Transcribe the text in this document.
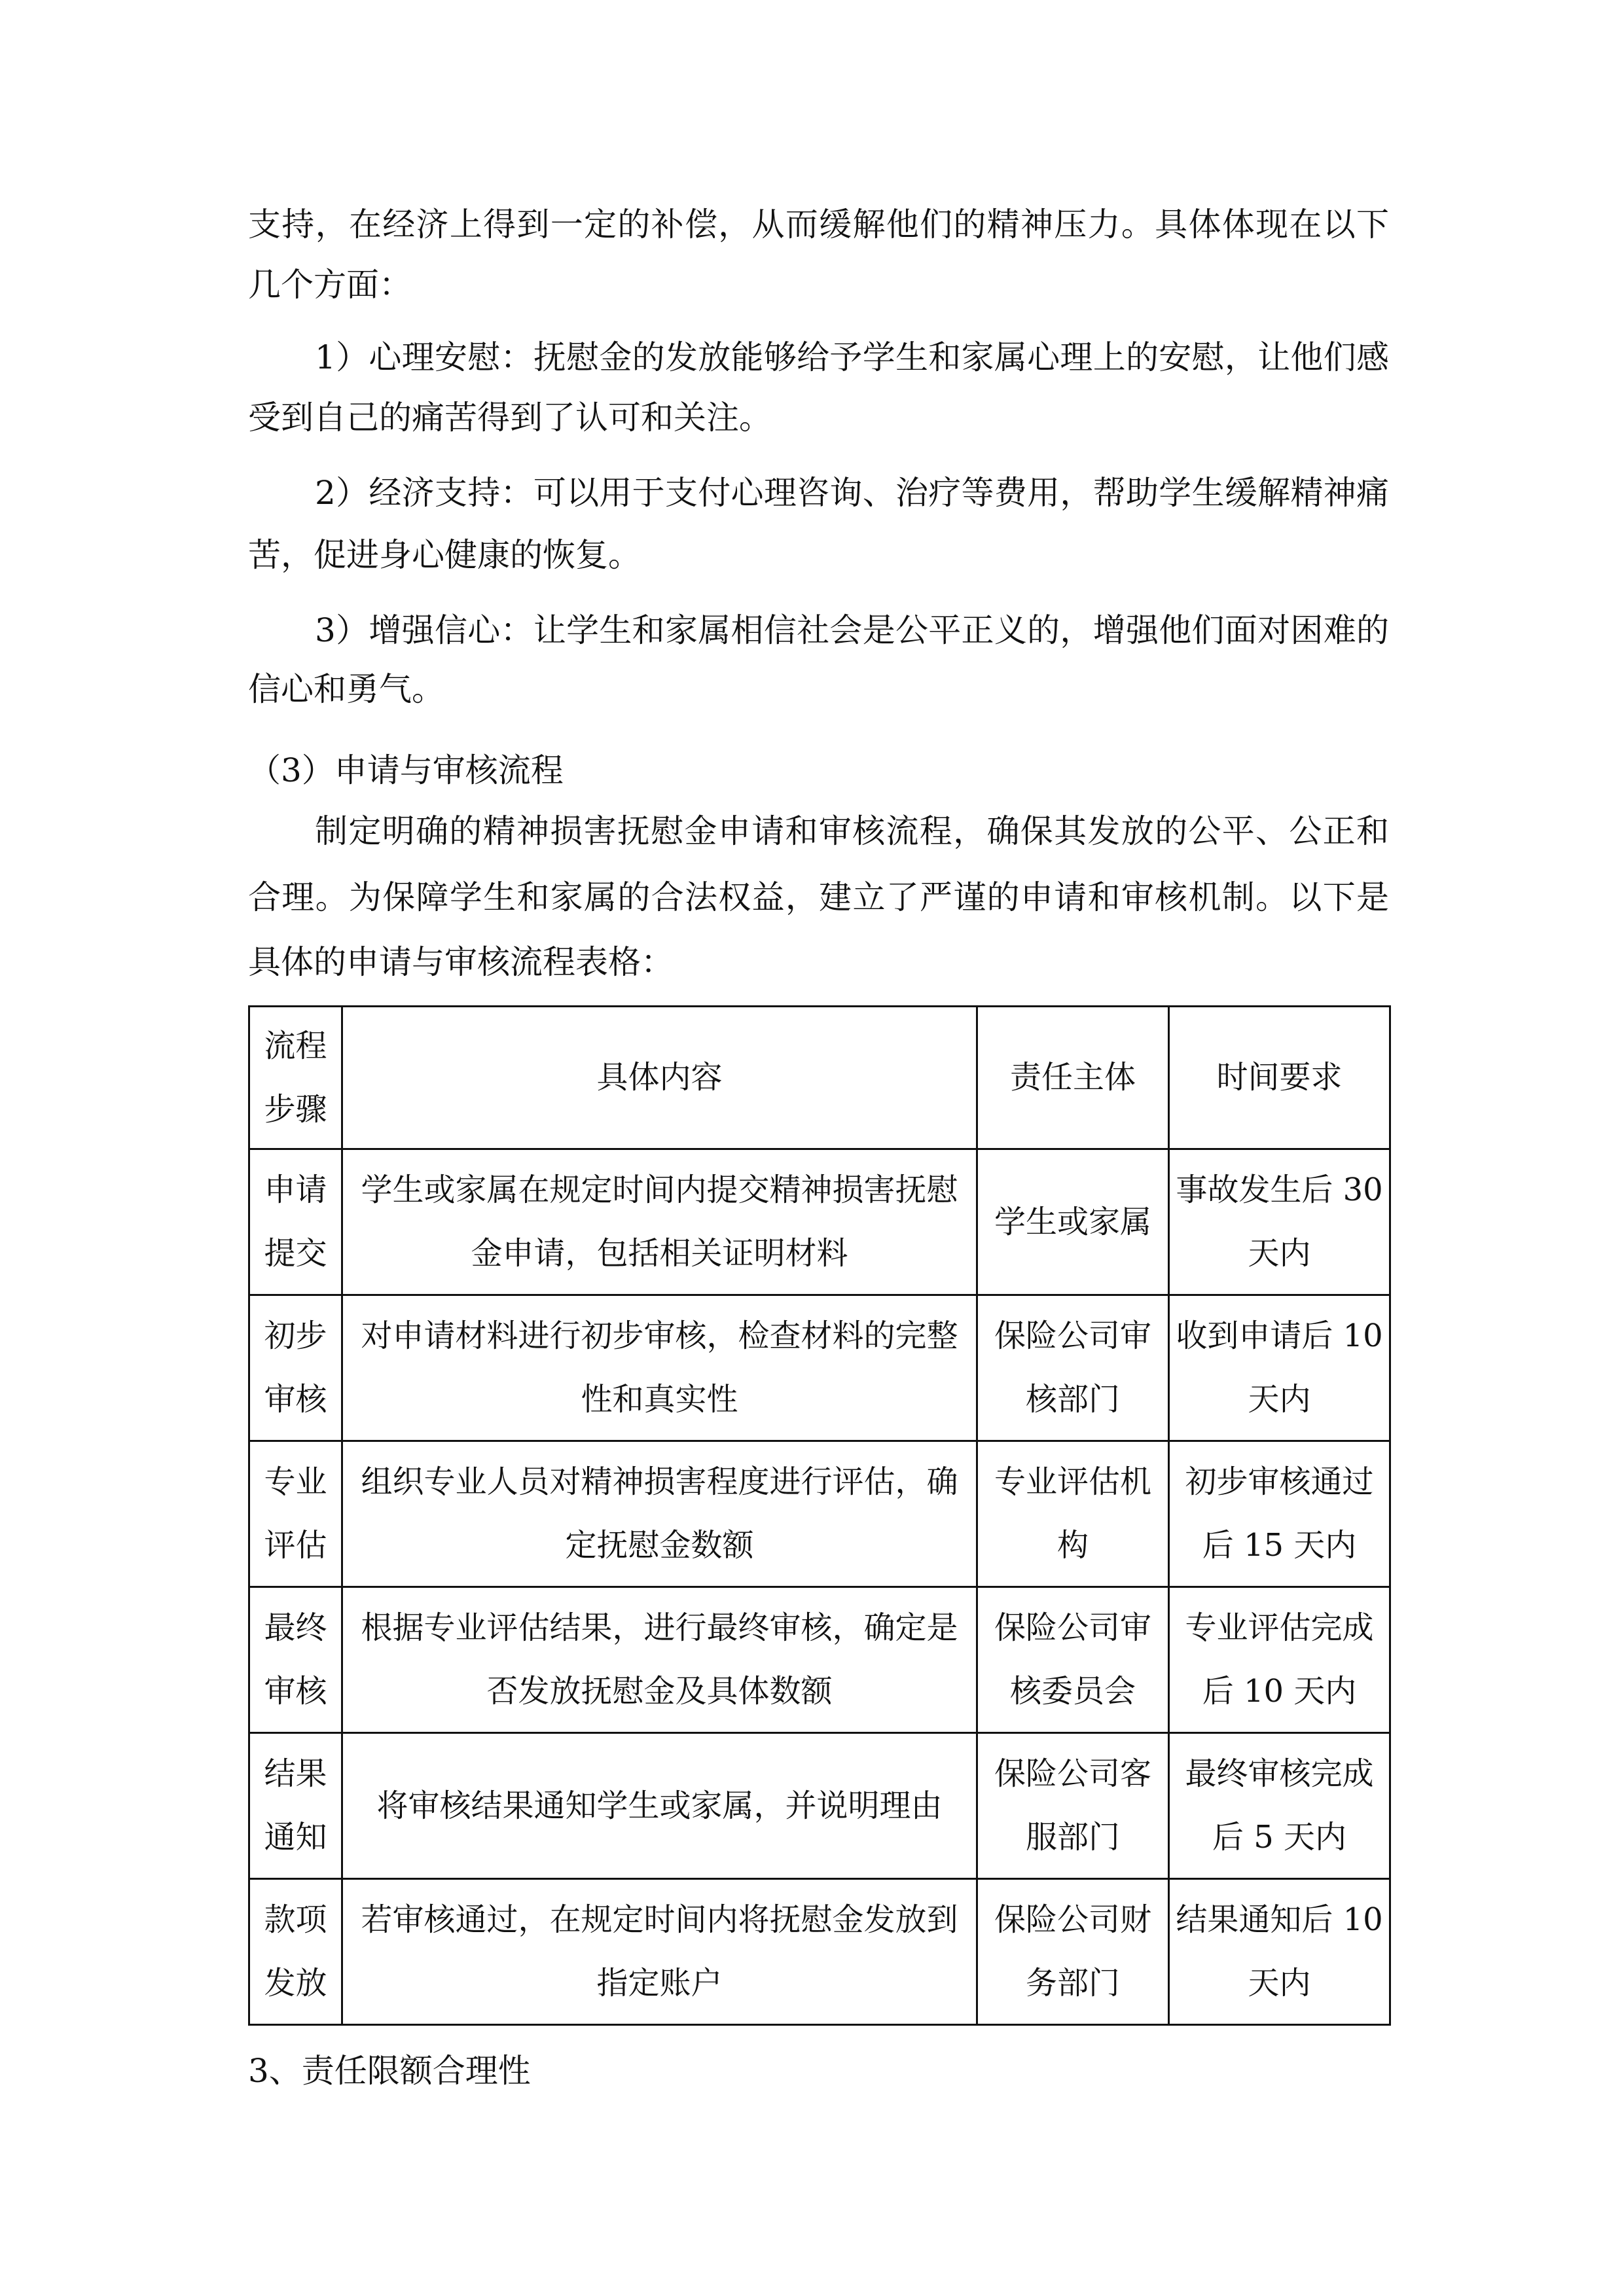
支持，在经济上得到一定的补偿，从而缓解他们的精神压力。具体体现在以下
几个方面：
1）心理安慰：抚慰金的发放能够给予学生和家属心理上的安慰，让他们感
受到自己的痛苦得到了认可和关注。
2）经济支持：可以用于支付心理咨询、治疗等费用，帮助学生缓解精神痛
苦，促进身心健康的恢复。
3）增强信心：让学生和家属相信社会是公平正义的，增强他们面对困难的
信心和勇气。
（3）申请与审核流程
制定明确的精神损害抚慰金申请和审核流程，确保其发放的公平、公正和
合理。为保障学生和家属的合法权益，建立了严谨的申请和审核机制。以下是
具体的申请与审核流程表格：
流程
步骤	具体内容	责任主体	时间要求

申请
提交	学生或家属在规定时间内提交精神损害抚慰
金申请，包括相关证明材料	学生或家属	事故发生后 30
天内

初步
审核	对申请材料进行初步审核，检查材料的完整
性和真实性	保险公司审
核部门	收到申请后 10
天内

专业
评估	组织专业人员对精神损害程度进行评估，确
定抚慰金数额	专业评估机
构	初步审核通过
后 15 天内

最终
审核	根据专业评估结果，进行最终审核，确定是
否发放抚慰金及具体数额	保险公司审
核委员会	专业评估完成
后 10 天内

结果
通知	将审核结果通知学生或家属，并说明理由	保险公司客
服部门	最终审核完成
后 5 天内

款项
发放	若审核通过，在规定时间内将抚慰金发放到
指定账户	保险公司财
务部门	结果通知后 10
天内
3、责任限额合理性
